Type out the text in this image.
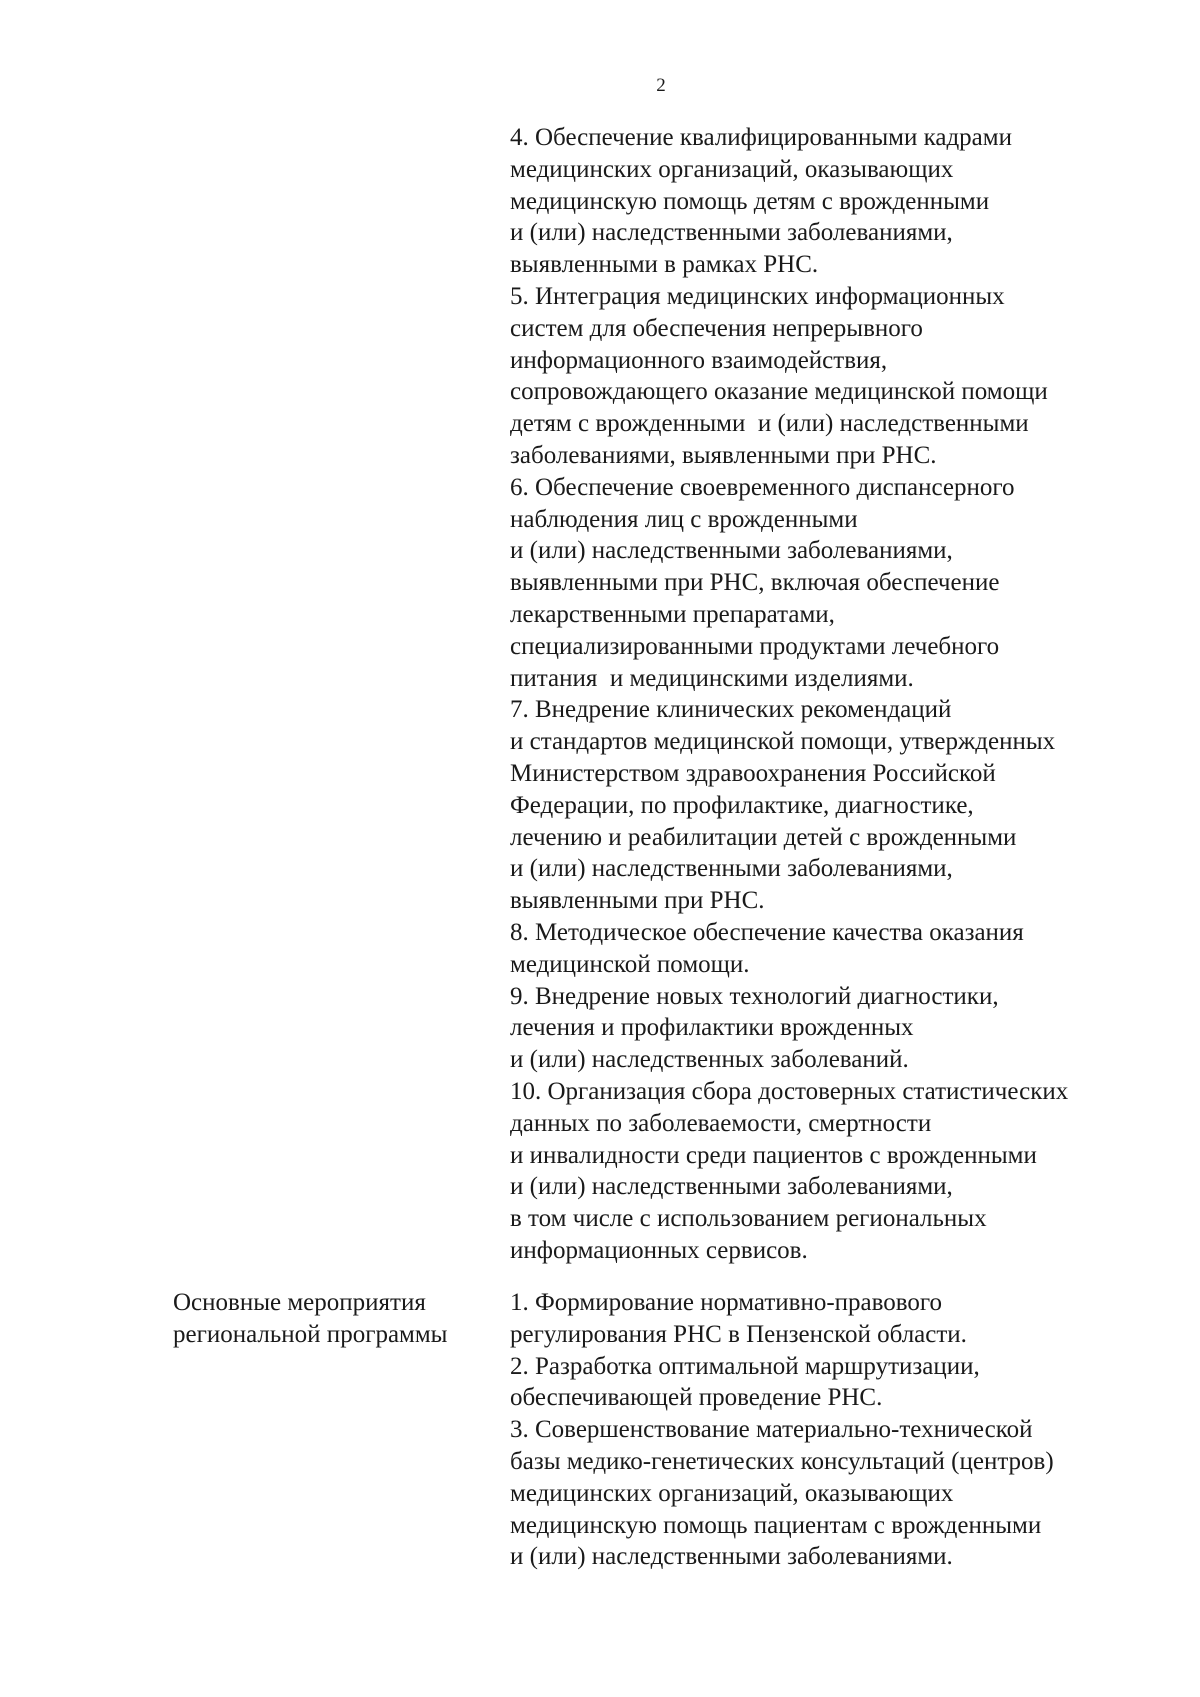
2
4. Обеспечение квалифицированными кадрами
медицинских организаций, оказывающих
медицинскую помощь детям с врожденными
и (или) наследственными заболеваниями,
выявленными в рамках РНС.
5. Интеграция медицинских информационных
систем для обеспечения непрерывного
информационного взаимодействия,
сопровождающего оказание медицинской помощи
детям с врожденными  и (или) наследственными
заболеваниями, выявленными при РНС.
6. Обеспечение своевременного диспансерного
наблюдения лиц с врожденными
и (или) наследственными заболеваниями,
выявленными при РНС, включая обеспечение
лекарственными препаратами,
специализированными продуктами лечебного
питания  и медицинскими изделиями.
7. Внедрение клинических рекомендаций
и стандартов медицинской помощи, утвержденных
Министерством здравоохранения Российской
Федерации, по профилактике, диагностике,
лечению и реабилитации детей с врожденными
и (или) наследственными заболеваниями,
выявленными при РНС.
8. Методическое обеспечение качества оказания
медицинской помощи.
9. Внедрение новых технологий диагностики,
лечения и профилактики врожденных
и (или) наследственных заболеваний.
10. Организация сбора достоверных статистических
данных по заболеваемости, смертности
и инвалидности среди пациентов с врожденными
и (или) наследственными заболеваниями,
в том числе с использованием региональных
информационных сервисов.
Основные мероприятия
региональной программы
1. Формирование нормативно-правового
регулирования РНС в Пензенской области.
2. Разработка оптимальной маршрутизации,
обеспечивающей проведение РНС.
3. Совершенствование материально-технической
базы медико-генетических консультаций (центров)
медицинских организаций, оказывающих
медицинскую помощь пациентам с врожденными
и (или) наследственными заболеваниями.
